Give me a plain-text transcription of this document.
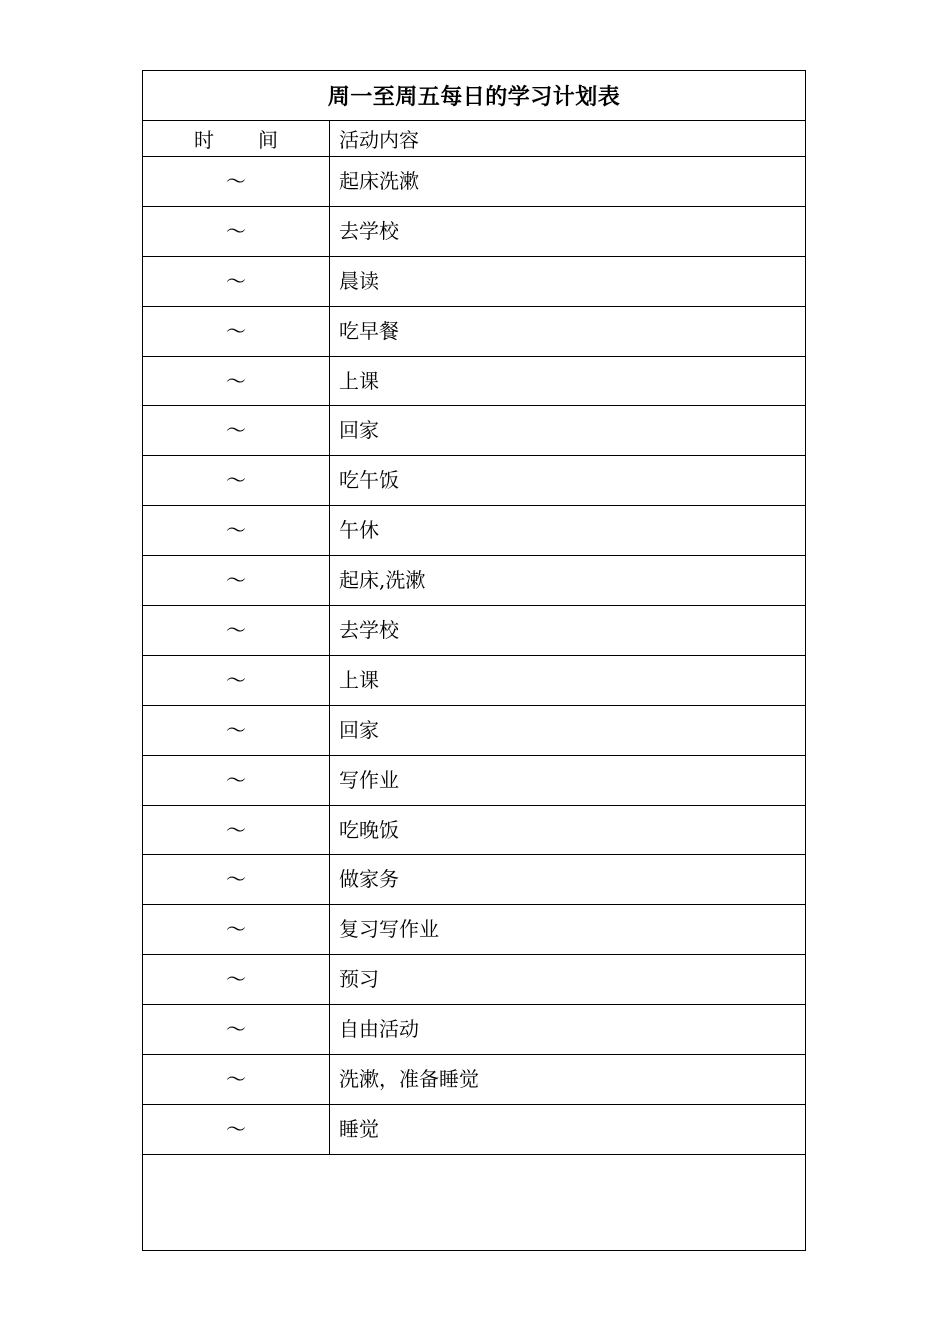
周一至周五每日的学习计划表
时 间	活动内容
～	起床洗漱
～	去学校
～	晨读
～	吃早餐
～	上课
～	回家
～	吃午饭
～	午休
～	起床,洗漱
～	去学校
～	上课
～	回家
～	写作业
～	吃晚饭
～	做家务
～	复习写作业
～	预习
～	自由活动
～	洗漱，准备睡觉
～	睡觉
